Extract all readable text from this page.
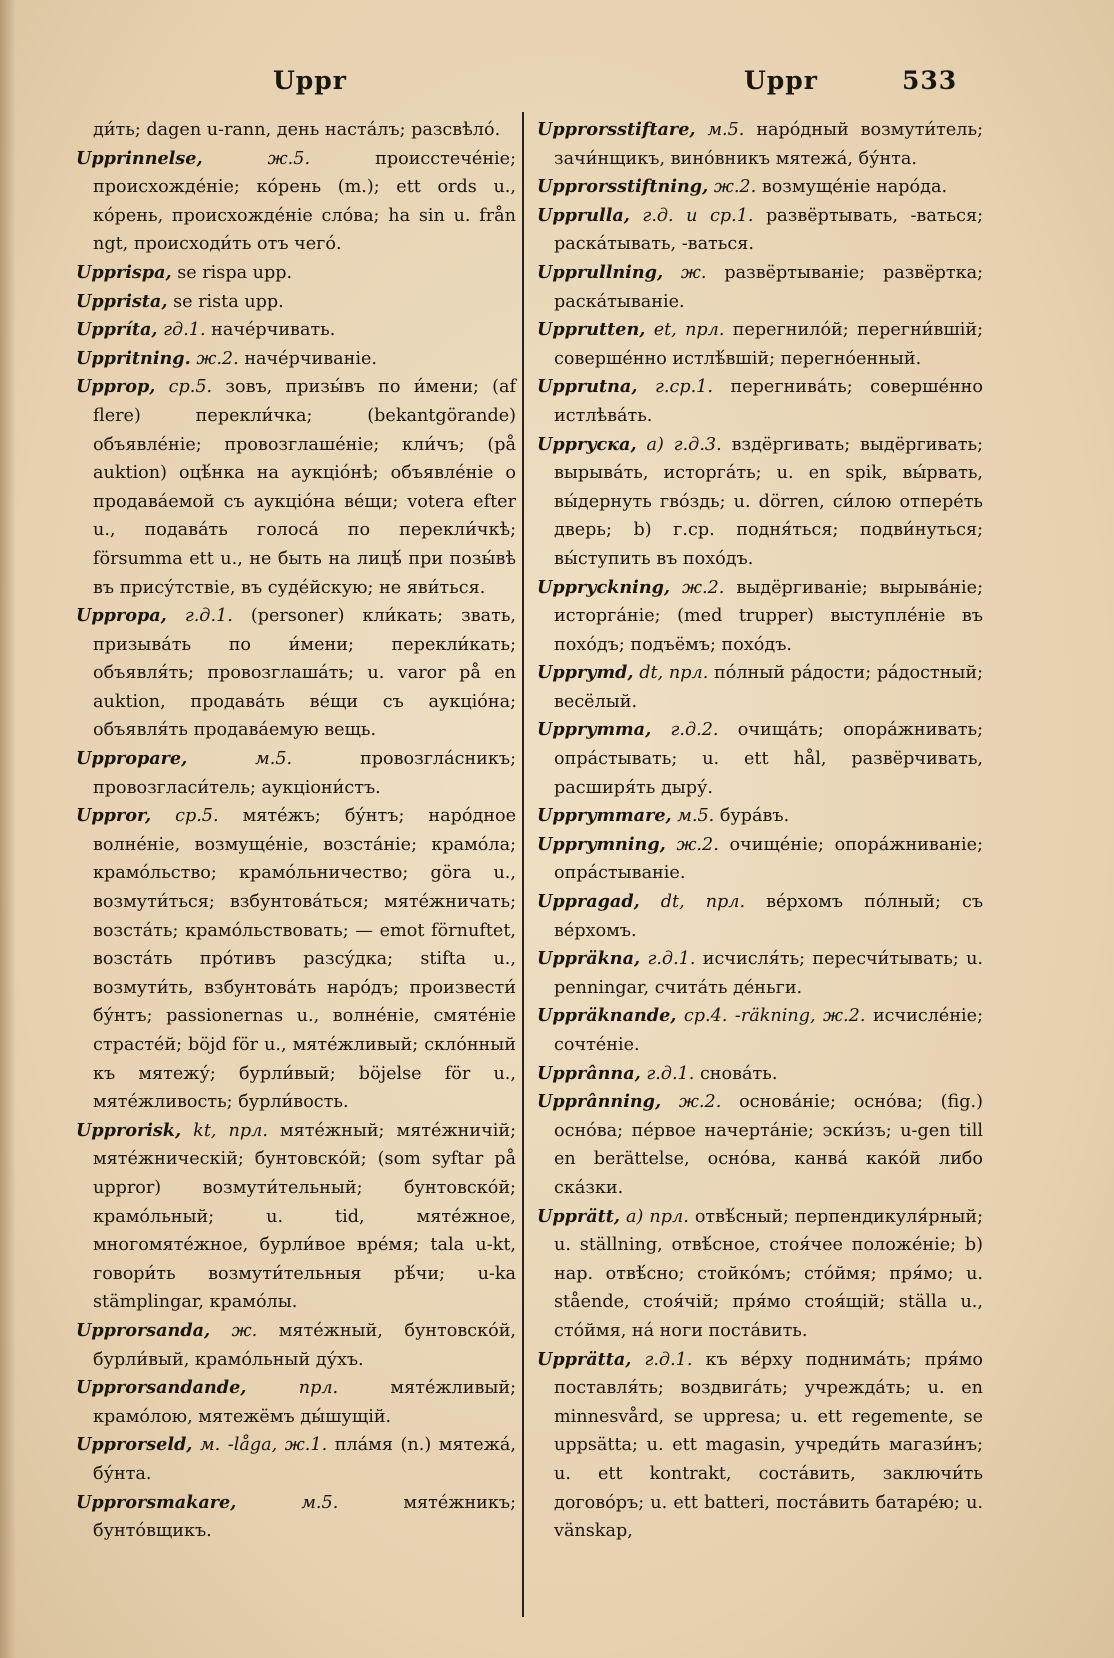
Uppr	Uppr	533

ди́ть; dagen u-rann, день наста́лъ; разсвѣло́.

Upprinnelse,	ж.5.	происстече́ніе; происхожде́ніе; ко́рень (m.); ett ords u., ко́рень, происхожде́ніе сло́ва; ha sin u. från ngt, происходи́ть отъ чего́.

Upprispa, se rispa upp.

Upprista, se rista upp.

Uppríta, гд.1. наче́рчивать.

Uppritning. ж.2. наче́рчиваніе.

Upprop, ср.5. зовъ, призы́въ по и́мени; (af flere) перекли́чка; (bekantgörande) объявле́ніе; провозглаше́ніе; кли́чъ; (på auktion) оцѣ́нка на аукціо́нѣ; объявле́ніе о продава́емой съ аукціо́на ве́щи; votera efter u., подава́ть голоса́ по перекли́чкѣ; försumma ett u., не быть на лицѣ́ при позы́вѣ въ прису́тствіе, въ суде́йскую; не яви́ться.

Uppropa, г.д.1. (personer) кли́кать; звать, призыва́ть по и́мени; перекли́кать; объявля́ть; провозглаша́ть; u. varor på en auktion, продава́ть ве́щи съ аукціо́на; объявля́ть продава́емую вещь.

Upproparе,	м.5.	провозгла́сникъ; провозгласи́тель; аукціони́стъ.

Uppror, ср.5. мяте́жъ; бу́нтъ; наро́дное волне́ніе, возмуще́ніе, возста́ніе; крамо́ла; крамо́льство; крамо́льничество; göra u., возмути́ться; взбунтова́ться; мяте́жничать; возста́ть; крамо́льствовать; — emot förnuftet, возста́ть про́тивъ разсу́дка; stifta u., возмути́ть, взбунтова́ть наро́дъ; произвести́ бу́нтъ; passionernas u., волне́ніе, смяте́ніе страсте́й; böjd för u., мяте́жливый; скло́нный къ мятежу́; бурли́вый; böjelse för u., мяте́жливость; бурли́вость.

Upprorisk, kt, прл. мяте́жный; мяте́жничій; мяте́жническій; бунтовско́й; (som syftar på uppror) возмути́тельный; бунтовско́й; крамо́льный; u. tid, мяте́жное, многомяте́жное, бурли́вое вре́мя; tala u-kt, говори́ть возмути́тельныя рѣ́чи; u-ka stämplingar, крамо́лы.

Upprorsanda, ж. мяте́жный, бунтовско́й, бурли́вый, крамо́льный ду́хъ.

Upprorsandande,	прл.	мяте́жливый; крамо́лою, мятежёмъ ды́шущій.

Upprorseld, м. -låga, ж.1. пла́мя (n.) мятежа́, бу́нта.

Upprorsmakare,	м.5.	мяте́жникъ; бунто́вщикъ.

Upprorsstiftare, м.5. наро́дный возмути́тель; зачи́нщикъ, вино́вникъ мятежа́, бу́нта.

Upprorsstiftning, ж.2. возмуще́ніе наро́да.

Upprulla, г.д. и ср.1. развёртывать, -ваться; раска́тывать, -ваться.

Upprullning, ж. развёртываніе; развёртка; раска́тываніе.

Upprutten, et, прл. перегнило́й; перегни́вшій; соверше́нно истлѣ́вшій; перегно́енный.

Upprutna, г.ср.1. перегнива́ть; соверше́нно истлѣва́ть.

Uppryска, а) г.д.3. вздёргивать; выдёргивать; вырыва́ть, исторга́ть; u. en spik, вы́рвать, вы́дернуть гво́здь; u. dörren, си́лою отпере́ть дверь; b) г.ср. подня́ться; подви́нуться; вы́ступить въ похо́дъ.

Uppryckning, ж.2. выдёргиваніе; вырыва́ніе; исторга́ніе; (med trupper) выступле́ніе въ похо́дъ; подъёмъ; похо́дъ.

Upprymd, dt, прл. по́лный ра́дости; ра́достный; весёлый.

Upprymma, г.д.2. очища́ть; опора́жнивать; опра́стывать; u. ett hål, развёрчивать, расширя́ть дыру́.

Upprymmare, м.5. бура́въ.

Upprymning, ж.2. очище́ніе; опора́жниваніе; опра́стываніе.

Uppragad, dt, прл. ве́рхомъ по́лный; съ ве́рхомъ.

Uppräkna, г.д.1. исчисля́ть; пересчи́тывать; u. penningar, счита́ть де́ньги.

Uppräknande, ср.4. -räkning, ж.2. исчисле́ніе; сочте́ніе.

Upprânna, г.д.1. снова́ть.

Upprânning, ж.2. основа́ніе; осно́ва; (fig.) осно́ва; пе́рвое начерта́ніе; эски́зъ; u-gen till en berättelse, осно́ва, канва́ како́й либо ска́зки.

Upprätt, а) прл. отвѣ́сный; перпендикуля́рный; u. ställning, отвѣ́сное, стоя́чее положе́ніе; b) нар. отвѣ́сно; стойко́мъ; сто́ймя; пря́мо; u. stående, стоя́чій; пря́мо стоя́щій; ställa u., сто́ймя, на́ ноги поста́вить.

Upprätta, г.д.1. къ ве́рху поднима́ть; пря́мо поставля́ть; воздвига́ть; учрежда́ть; u. en minnesvård, se uppresa; u. ett regemente, se uppsätta; u. ett magasin, учреди́ть магази́нъ; u. ett kontrakt, соста́вить, заключи́ть догово́ръ; u. ett batteri, поста́вить батаре́ю; u. vänskap,
